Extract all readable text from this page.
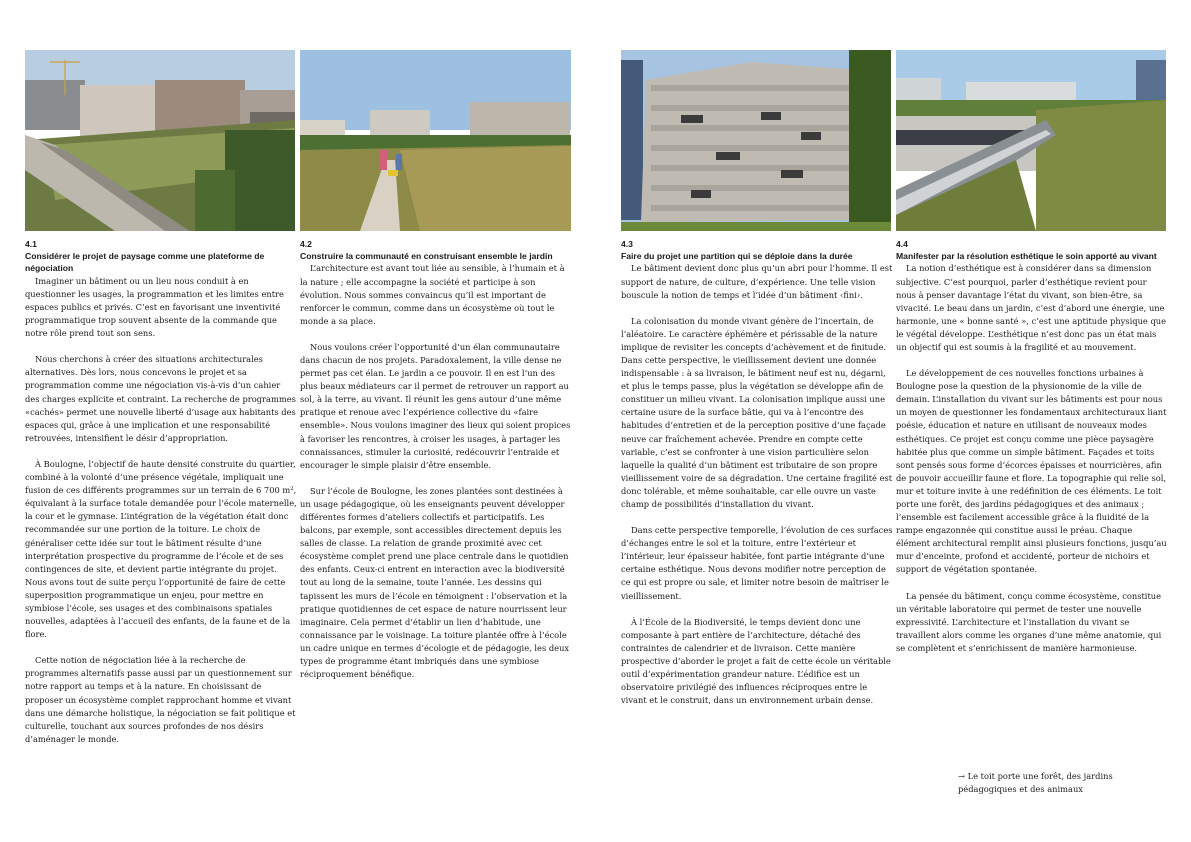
4.1
Considérer le projet de paysage comme une plateforme de négociation

Imaginer un bâtiment ou un lieu nous conduit à en questionner les usages, la programmation et les limites entre espaces publics et privés. C’est en favorisant une inventivité programmatique trop souvent absente de la commande que notre rôle prend tout son sens.

Nous cherchons à créer des situations architecturales alternatives. Dès lors, nous concevons le projet et sa programmation comme une négociation vis-à-vis d’un cahier des charges explicite et contraint. La recherche de programmes «cachés» permet une nouvelle liberté d’usage aux habitants des espaces qui, grâce à une implication et une responsabilité retrouvées, intensifient le désir d’appropriation.

À Boulogne, l’objectif de haute densité construite du quartier, combiné à la volonté d’une présence végétale, impliquait une fusion de ces différents programmes sur un terrain de 6 700 m², équivalant à la surface totale demandée pour l’école maternelle, la cour et le gymnase. L’intégration de la végétation était donc recommandée sur une portion de la toiture. Le choix de généraliser cette idée sur tout le bâtiment résulte d’une interprétation prospective du programme de l’école et de ses contingences de site, et devient partie intégrante du projet. Nous avons tout de suite perçu l’opportunité de faire de cette superposition programmatique un enjeu, pour mettre en symbiose l’école, ses usages et des combinaisons spatiales nouvelles, adaptées à l’accueil des enfants, de la faune et de la flore.

Cette notion de négociation liée à la recherche de programmes alternatifs passe aussi par un questionnement sur notre rapport au temps et à la nature. En choisissant de proposer un écosystème complet rapprochant homme et vivant dans une démarche holistique, la négociation se fait politique et culturelle, touchant aux sources profondes de nos désirs d’aménager le monde.

4.2
Construire la communauté en construisant ensemble le jardin

L’architecture est avant tout liée au sensible, à l’humain et à la nature ; elle accompagne la société et participe à son évolution. Nous sommes convaincus qu’il est important de renforcer le commun, comme dans un écosystème où tout le monde a sa place.

Nous voulons créer l’opportunité d’un élan communautaire dans chacun de nos projets. Paradoxalement, la ville dense ne permet pas cet élan. Le jardin a ce pouvoir. Il en est l’un des plus beaux médiateurs car il permet de retrouver un rapport au sol, à la terre, au vivant. Il réunit les gens autour d’une même pratique et renoue avec l’expérience collective du «faire ensemble». Nous voulons imaginer des lieux qui soient propices à favoriser les rencontres, à croiser les usages, à partager les connaissances, stimuler la curiosité, redécouvrir l’entraide et encourager le simple plaisir d’être ensemble.

Sur l’école de Boulogne, les zones plantées sont destinées à un usage pédagogique, où les enseignants peuvent développer différentes formes d’ateliers collectifs et participatifs. Les balcons, par exemple, sont accessibles directement depuis les salles de classe. La relation de grande proximité avec cet écosystème complet prend une place centrale dans le quotidien des enfants. Ceux-ci entrent en interaction avec la biodiversité tout au long de la semaine, toute l’année. Les dessins qui tapissent les murs de l’école en témoignent : l’observation et la pratique quotidiennes de cet espace de nature nourrissent leur imaginaire. Cela permet d’établir un lien d’habitude, une connaissance par le voisinage. La toiture plantée offre à l’école un cadre unique en termes d’écologie et de pédagogie, les deux types de programme étant imbriqués dans une symbiose réciproquement bénéfique.

4.3
Faire du projet une partition qui se déploie dans la durée

Le bâtiment devient donc plus qu’un abri pour l’homme. Il est support de nature, de culture, d’expérience. Une telle vision bouscule la notion de temps et l’idée d’un bâtiment ‹fini›.

La colonisation du monde vivant génère de l’incertain, de l’aléatoire. Le caractère éphémère et périssable de la nature implique de revisiter les concepts d’achèvement et de finitude. Dans cette perspective, le vieillissement devient une donnée indispensable : à sa livraison, le bâtiment neuf est nu, dégarni, et plus le temps passe, plus la végétation se développe afin de constituer un milieu vivant. La colonisation implique aussi une certaine usure de la surface bâtie, qui va à l’encontre des habitudes d’entretien et de la perception positive d’une façade neuve car fraîchement achevée. Prendre en compte cette variable, c’est se confronter à une vision particulière selon laquelle la qualité d’un bâtiment est tributaire de son propre vieillissement voire de sa dégradation. Une certaine fragilité est donc tolérable, et même souhaitable, car elle ouvre un vaste champ de possibilités d’installation du vivant.

Dans cette perspective temporelle, l’évolution de ces surfaces d’échanges entre le sol et la toiture, entre l’extérieur et l’intérieur, leur épaisseur habitée, font partie intégrante d’une certaine esthétique. Nous devons modifier notre perception de ce qui est propre ou sale, et limiter notre besoin de maîtriser le vieillissement.

À l’École de la Biodiversité, le temps devient donc une composante à part entière de l’architecture, détaché des contraintes de calendrier et de livraison. Cette manière prospective d’aborder le projet a fait de cette école un véritable outil d’expérimentation grandeur nature. L’édifice est un observatoire privilégié des influences réciproques entre le vivant et le construit, dans un environnement urbain dense.

4.4
Manifester par la résolution esthétique le soin apporté au vivant

La notion d’esthétique est à considérer dans sa dimension subjective. C’est pourquoi, parler d’esthétique revient pour nous à penser davantage l’état du vivant, son bien-être, sa vivacité. Le beau dans un jardin, c’est d’abord une énergie, une harmonie, une « bonne santé », c’est une aptitude physique que le végétal développe. L’esthétique n’est donc pas un état mais un objectif qui est soumis à la fragilité et au mouvement.

Le développement de ces nouvelles fonctions urbaines à Boulogne pose la question de la physionomie de la ville de demain. L’installation du vivant sur les bâtiments est pour nous un moyen de questionner les fondamentaux architecturaux liant poésie, éducation et nature en utilisant de nouveaux modes esthétiques. Ce projet est conçu comme une pièce paysagère habitée plus que comme un simple bâtiment. Façades et toits sont pensés sous forme d’écorces épaisses et nourricières, afin de pouvoir accueillir faune et flore. La topographie qui relie sol, mur et toiture invite à une redéfinition de ces éléments. Le toit porte une forêt, des jardins pédagogiques et des animaux ; l’ensemble est facilement accessible grâce à la fluidité de la rampe engazonnée qui constitue aussi le préau. Chaque élément architectural remplit ainsi plusieurs fonctions, jusqu’au mur d’enceinte, profond et accidenté, porteur de nichoirs et support de végétation spontanée.

La pensée du bâtiment, conçu comme écosystème, constitue un véritable laboratoire qui permet de tester une nouvelle expressivité. L’architecture et l’installation du vivant se travaillent alors comme les organes d’une même anatomie, qui se complètent et s’enrichissent de manière harmonieuse.

→ Le toit porte une forêt, des jardins pédagogiques et des animaux
